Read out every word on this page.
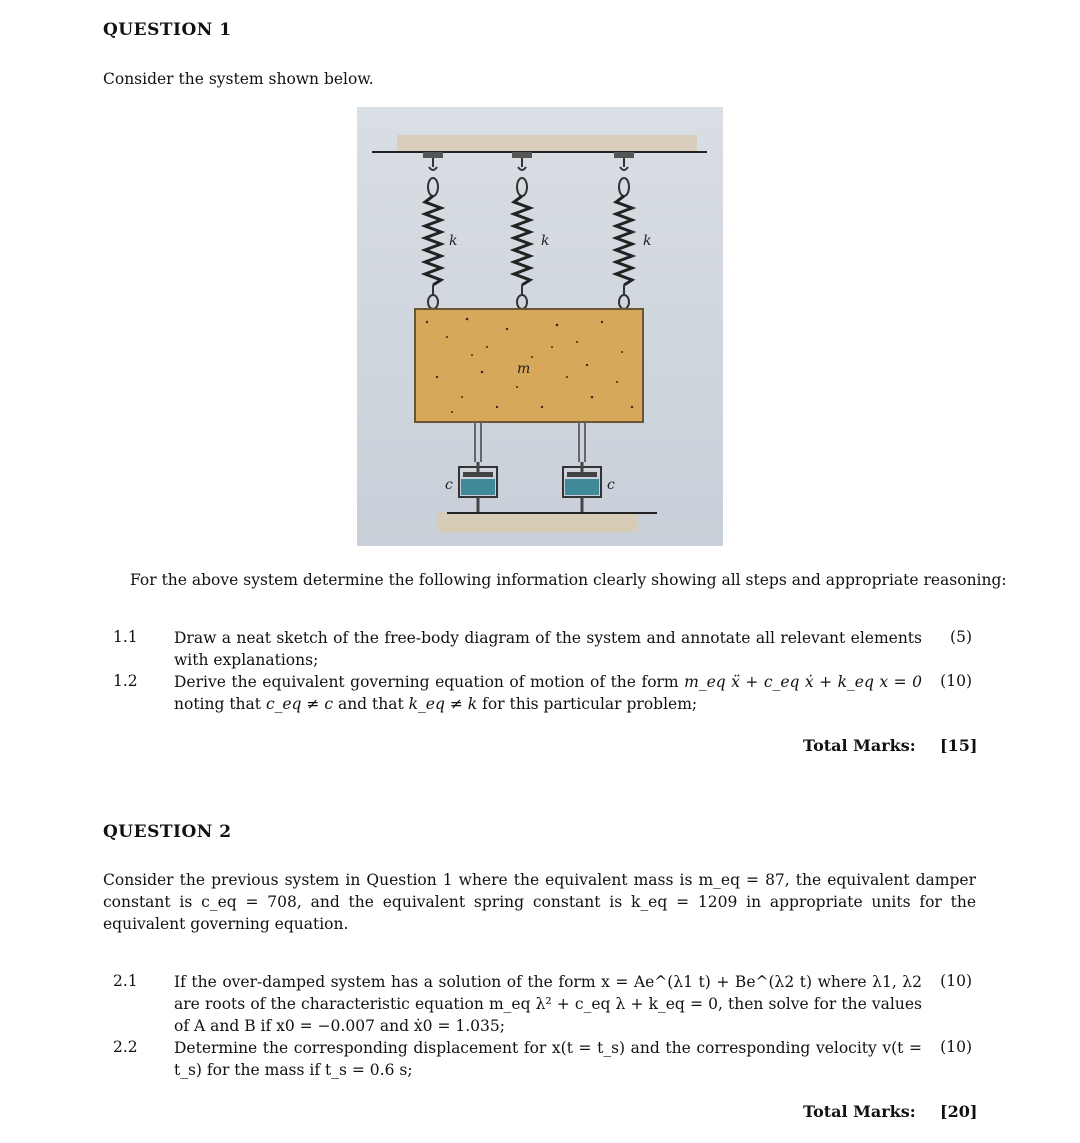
QUESTION 1
Consider the system shown below.
k	k	k
m
c	c
For the above system determine the following information clearly showing all steps and appropriate reasoning:
1.1 Draw a neat sketch of the free-body diagram of the system and annotate all relevant elements with explanations;
(5)
1.2 Derive the equivalent governing equation of motion of the form m_eq ẍ + c_eq ẋ + k_eq x = 0 noting that c_eq ≠ c and that k_eq ≠ k for this particular problem;
(10)
Total Marks: [15]
QUESTION 2
Consider the previous system in Question 1 where the equivalent mass is m_eq = 87, the equivalent damper constant is c_eq = 708, and the equivalent spring constant is k_eq = 1209 in appropriate units for the equivalent governing equation.
2.1 If the over-damped system has a solution of the form x = Ae^(λ1 t) + Be^(λ2 t) where λ1, λ2 are roots of the characteristic equation m_eq λ² + c_eq λ + k_eq = 0, then solve for the values of A and B if x0 = −0.007 and ẋ0 = 1.035;
(10)
2.2 Determine the corresponding displacement for x(t = t_s) and the corresponding velocity v(t = t_s) for the mass if t_s = 0.6 s;
(10)
Total Marks: [20]
